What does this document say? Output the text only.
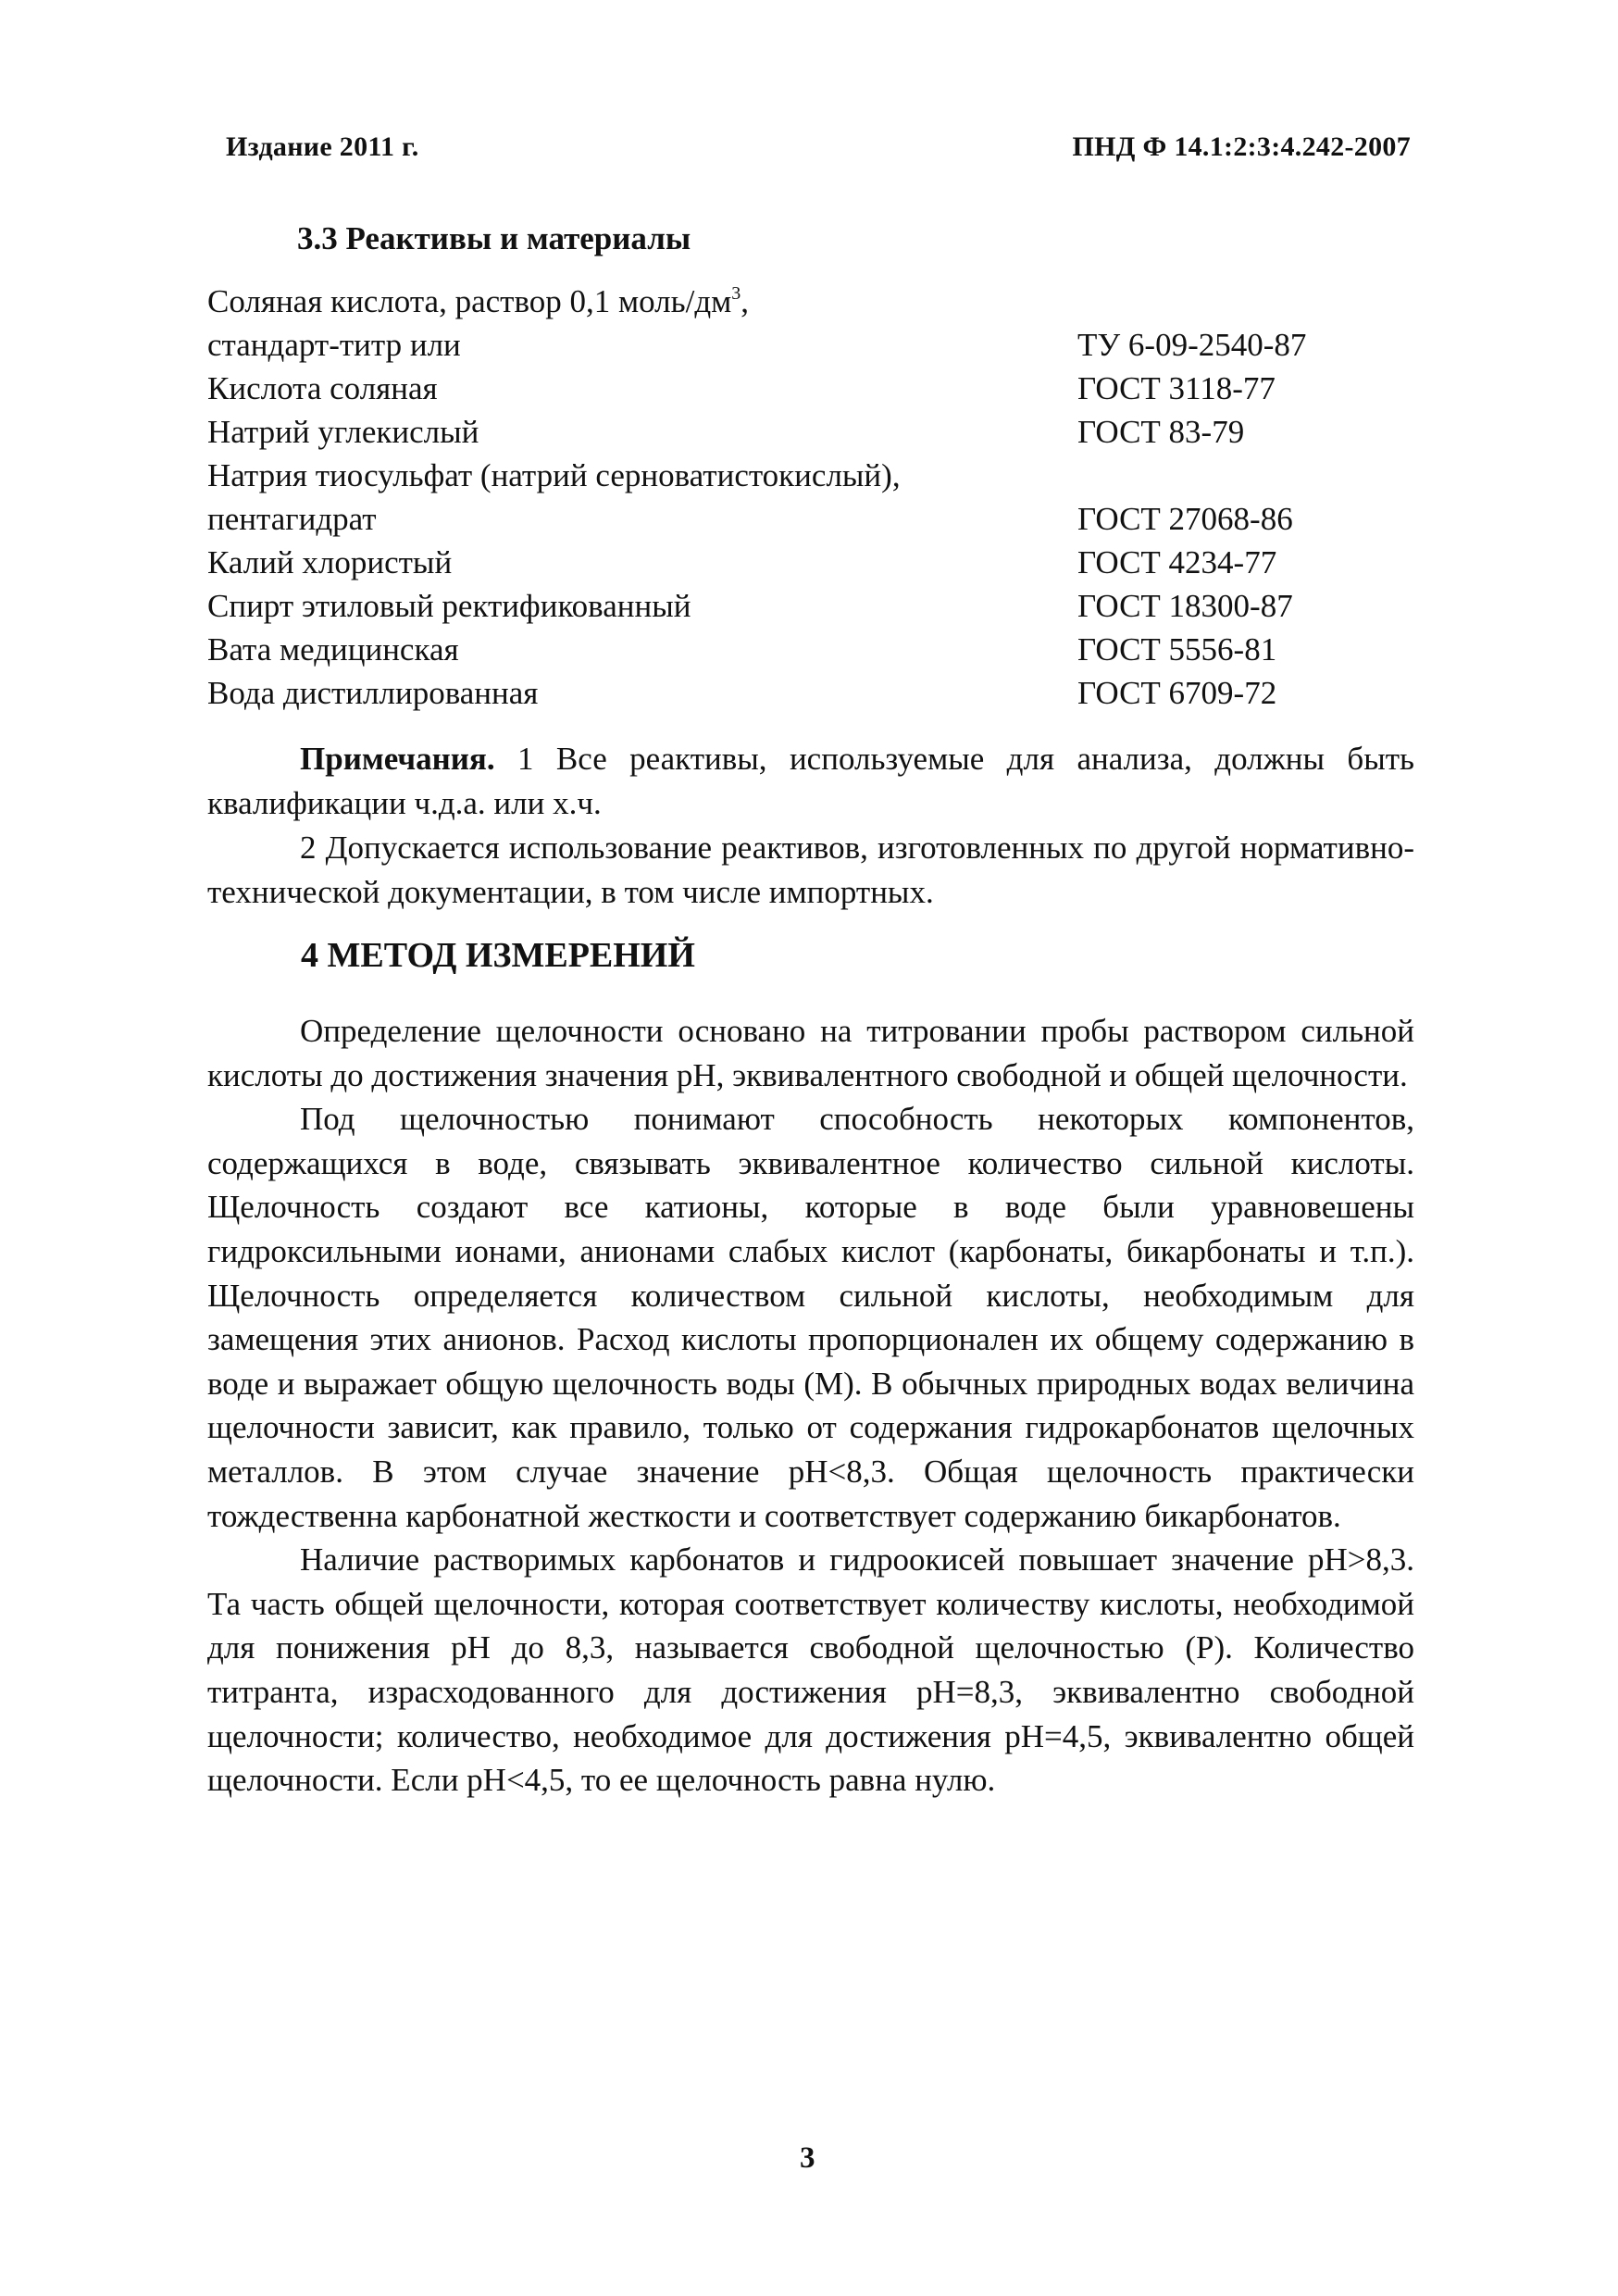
Издание 2011 г.	ПНД Ф 14.1:2:3:4.242-2007
3.3 Реактивы и материалы
Соляная кислота, раствор 0,1 моль/$дм^3$,
стандарт-титр или	ТУ 6-09-2540-87
Кислота соляная	ГОСТ 3118-77
Натрий углекислый	ГОСТ 83-79
Натрия тиосульфат (натрий серноватистокислый),
пентагидрат	ГОСТ 27068-86
Калий хлористый	ГОСТ 4234-77
Спирт этиловый ректификованный	ГОСТ 18300-87
Вата медицинская	ГОСТ 5556-81
Вода дистиллированная	ГОСТ 6709-72

Примечания. 1 Все реактивы, используемые для анализа, должны быть квалификации ч.д.а. или х.ч.

2 Допускается использование реактивов, изготовленных по другой нормативно-технической документации, в том числе импортных.

4 МЕТОД ИЗМЕРЕНИЙ

Определение щелочности основано на титровании пробы раствором сильной кислоты до достижения значения рН, эквивалентного свободной и общей щелочности.

Под щелочностью понимают способность некоторых компонентов, содержащихся в воде, связывать эквивалентное количество сильной кислоты. Щелочность создают все катионы, которые в воде были уравновешены гидроксильными ионами, анионами слабых кислот (карбонаты, бикарбонаты и т.п.). Щелочность определяется количеством сильной кислоты, необходимым для замещения этих анионов. Расход кислоты пропорционален их общему содержанию в воде и выражает общую щелочность воды (М). В обычных природных водах величина щелочности зависит, как правило, только от содержания гидрокарбонатов щелочных металлов. В этом случае значение рН<8,3. Общая щелочность практически тождественна карбонатной жесткости и соответствует содержанию бикарбонатов.

Наличие растворимых карбонатов и гидроокисей повышает значение рН>8,3. Та часть общей щелочности, которая соответствует количеству кислоты, необходимой для понижения рН до 8,3, называется свободной щелочностью (Р). Количество титранта, израсходованного для достижения рН=8,3, эквивалентно свободной щелочности; количество, необходимое для достижения рН=4,5, эквивалентно общей щелочности. Если рН<4,5, то ее щелочность равна нулю.

3
